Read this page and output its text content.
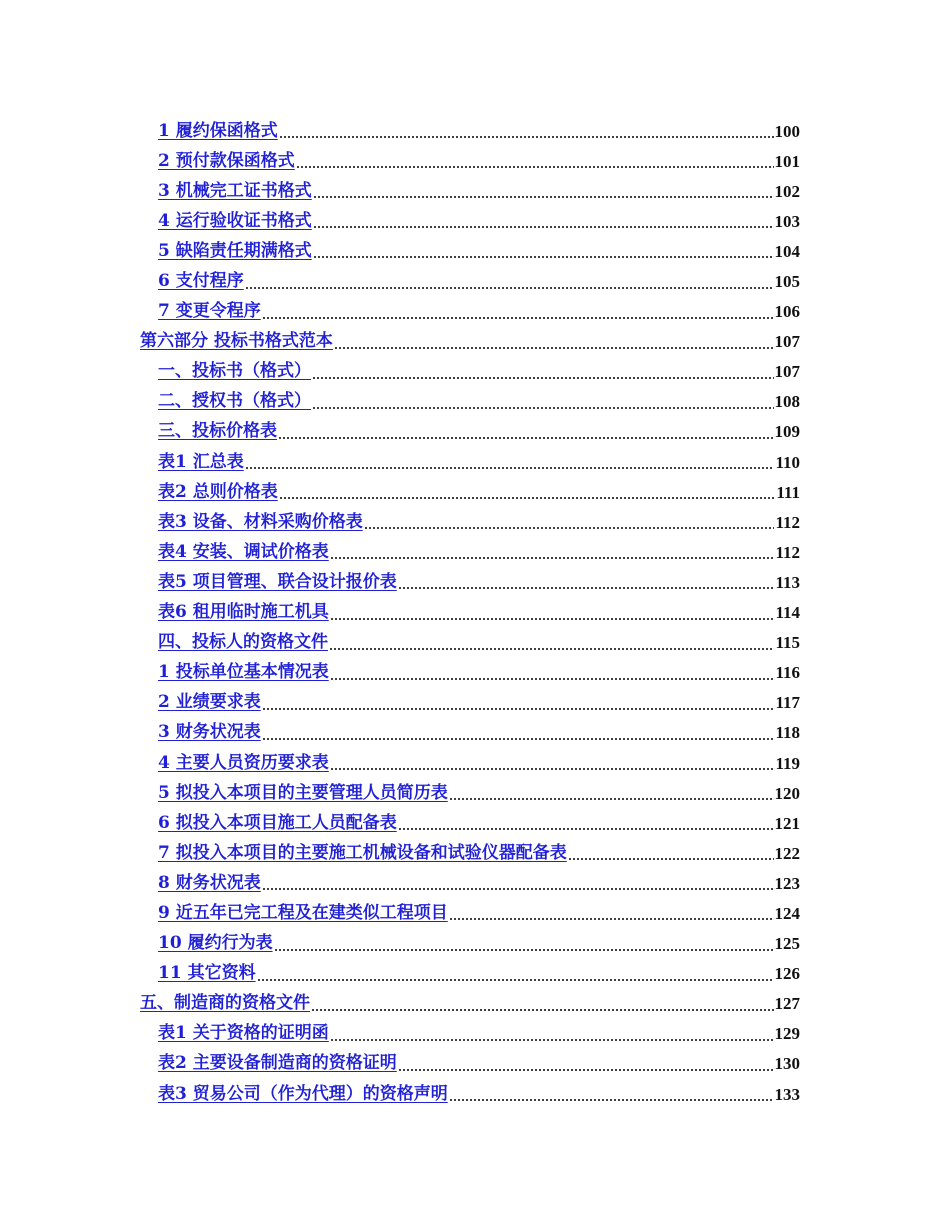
1 履约保函格式	100
2 预付款保函格式	101
3 机械完工证书格式	102
4 运行验收证书格式	103
5 缺陷责任期满格式	104
6 支付程序	105
7 变更令程序	106
第六部分 投标书格式范本	107
一、投标书（格式）	107
二、授权书（格式）	108
三、投标价格表	109
表1 汇总表	110
表2 总则价格表	111
表3 设备、材料采购价格表	112
表4 安装、调试价格表	112
表5 项目管理、联合设计报价表	113
表6 租用临时施工机具	114
四、投标人的资格文件	115
1 投标单位基本情况表	116
2 业绩要求表	117
3 财务状况表	118
4 主要人员资历要求表	119
5 拟投入本项目的主要管理人员简历表	120
6 拟投入本项目施工人员配备表	121
7 拟投入本项目的主要施工机械设备和试验仪器配备表	122
8 财务状况表	123
9 近五年已完工程及在建类似工程项目	124
10 履约行为表	125
11 其它资料	126
五、制造商的资格文件	127
表1 关于资格的证明函	129
表2 主要设备制造商的资格证明	130
表3 贸易公司（作为代理）的资格声明	133
